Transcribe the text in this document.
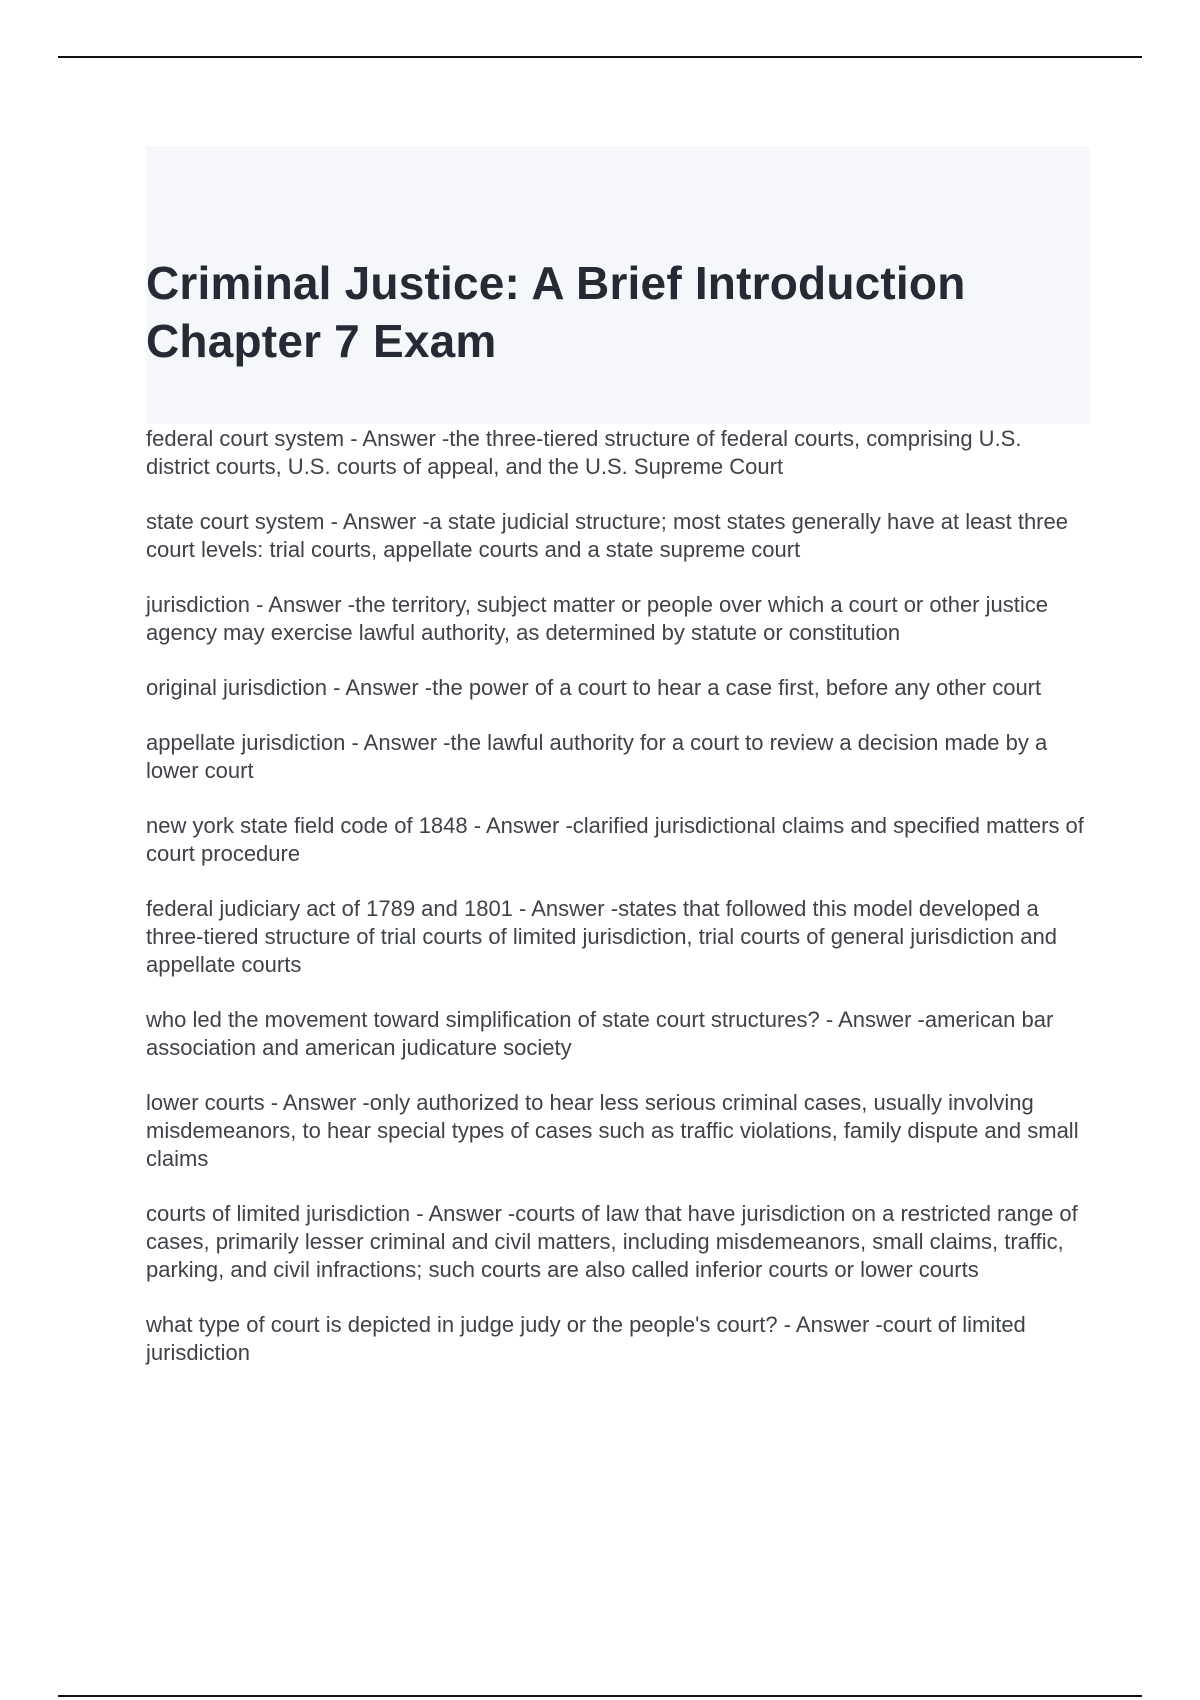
Criminal Justice: A Brief Introduction
Chapter 7 Exam

federal court system - Answer -the three-tiered structure of federal courts, comprising U.S. district courts, U.S. courts of appeal, and the U.S. Supreme Court

state court system - Answer -a state judicial structure; most states generally have at least three court levels: trial courts, appellate courts and a state supreme court

jurisdiction - Answer -the territory, subject matter or people over which a court or other justice agency may exercise lawful authority, as determined by statute or constitution

original jurisdiction - Answer -the power of a court to hear a case first, before any other court

appellate jurisdiction - Answer -the lawful authority for a court to review a decision made by a lower court

new york state field code of 1848 - Answer -clarified jurisdictional claims and specified matters of court procedure

federal judiciary act of 1789 and 1801 - Answer -states that followed this model developed a three-tiered structure of trial courts of limited jurisdiction, trial courts of general jurisdiction and appellate courts

who led the movement toward simplification of state court structures? - Answer -american bar association and american judicature society

lower courts - Answer -only authorized to hear less serious criminal cases, usually involving misdemeanors, to hear special types of cases such as traffic violations, family dispute and small claims

courts of limited jurisdiction - Answer -courts of law that have jurisdiction on a restricted range of cases, primarily lesser criminal and civil matters, including misdemeanors, small claims, traffic, parking, and civil infractions; such courts are also called inferior courts or lower courts

what type of court is depicted in judge judy or the people's court? - Answer -court of limited jurisdiction
